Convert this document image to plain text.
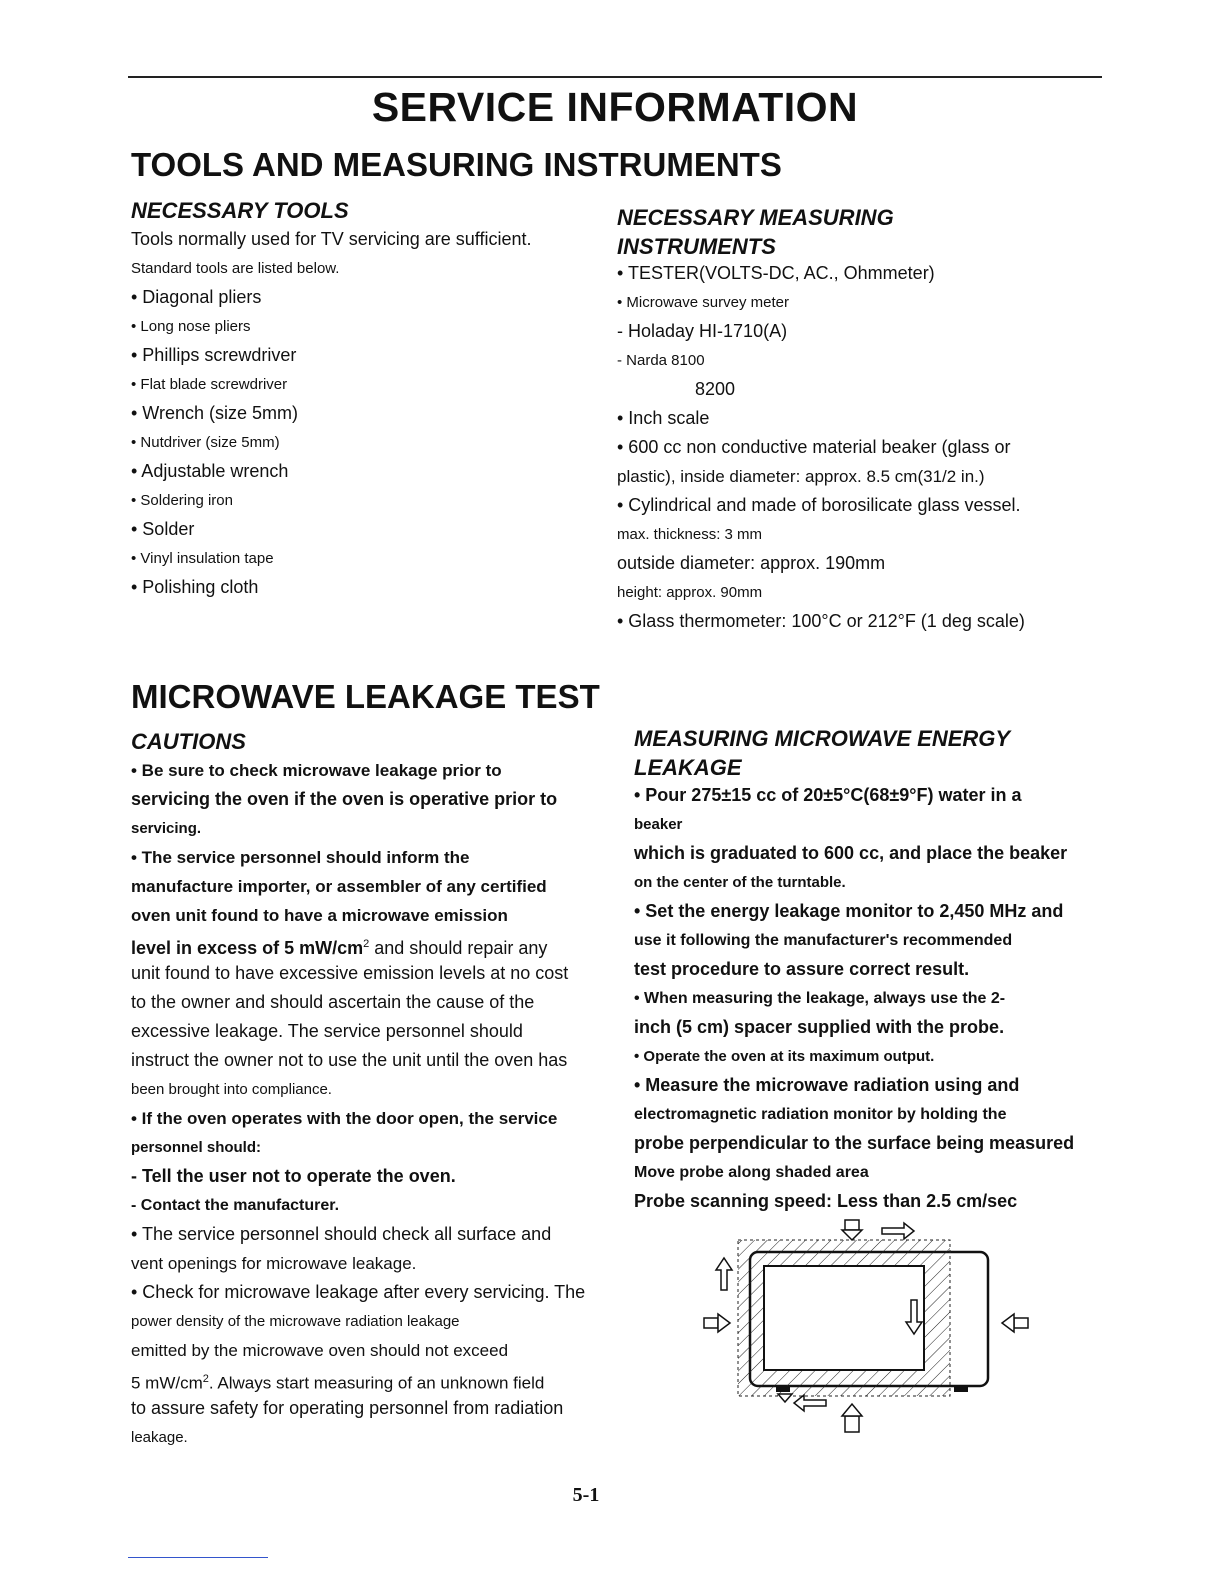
SERVICE INFORMATION
TOOLS AND MEASURING INSTRUMENTS
NECESSARY TOOLS
Tools normally used for TV servicing are sufficient.
Standard tools are listed below.
• Diagonal pliers
• Long nose pliers
• Phillips screwdriver
• Flat blade screwdriver
• Wrench (size 5mm)
• Nutdriver (size 5mm)
• Adjustable wrench
• Soldering iron
• Solder
• Vinyl insulation tape
• Polishing cloth
NECESSARY MEASURING
INSTRUMENTS
• TESTER(VOLTS-DC, AC., Ohmmeter)
• Microwave survey meter
- Holaday HI-1710(A)
- Narda 8100
8200
• Inch scale
• 600 cc non conductive material beaker (glass or
plastic), inside diameter: approx. 8.5 cm(31/2 in.)
• Cylindrical and made of borosilicate glass vessel.
max. thickness: 3 mm
outside diameter: approx. 190mm
height: approx. 90mm
• Glass thermometer: 100°C or 212°F (1 deg scale)
MICROWAVE LEAKAGE TEST
CAUTIONS
• Be sure to check microwave leakage prior to
servicing the oven if the oven is operative prior to
servicing.
• The service personnel should inform the
manufacture importer, or assembler of any certified
oven unit found to have a microwave emission
level in excess of 5 $mW/cm^2$ and should repair any
unit found to have excessive emission levels at no cost
to the owner and should ascertain the cause of the
excessive leakage. The service personnel should
instruct the owner not to use the unit until the oven has
been brought into compliance.
• If the oven operates with the door open, the service
personnel should:
- Tell the user not to operate the oven.
- Contact the manufacturer.
• The service personnel should check all surface and
vent openings for microwave leakage.
• Check for microwave leakage after every servicing. The
power density of the microwave radiation leakage
emitted by the microwave oven should not exceed
5 $mW/cm^2$. Always start measuring of an unknown field
to assure safety for operating personnel from radiation
leakage.
MEASURING MICROWAVE ENERGY
LEAKAGE
• Pour 275±15 cc of 20±5°C(68±9°F) water in a
beaker
which is graduated to 600 cc, and place the beaker
on the center of the turntable.
• Set the energy leakage monitor to 2,450 MHz and
use it following the manufacturer's recommended
test procedure to assure correct result.
• When measuring the leakage, always use the 2-
inch (5 cm) spacer supplied with the probe.
• Operate the oven at its maximum output.
• Measure the microwave radiation using and
electromagnetic radiation monitor by holding the
probe perpendicular to the surface being measured
Move probe along shaded area
Probe scanning speed: Less than 2.5 cm/sec
5-1
